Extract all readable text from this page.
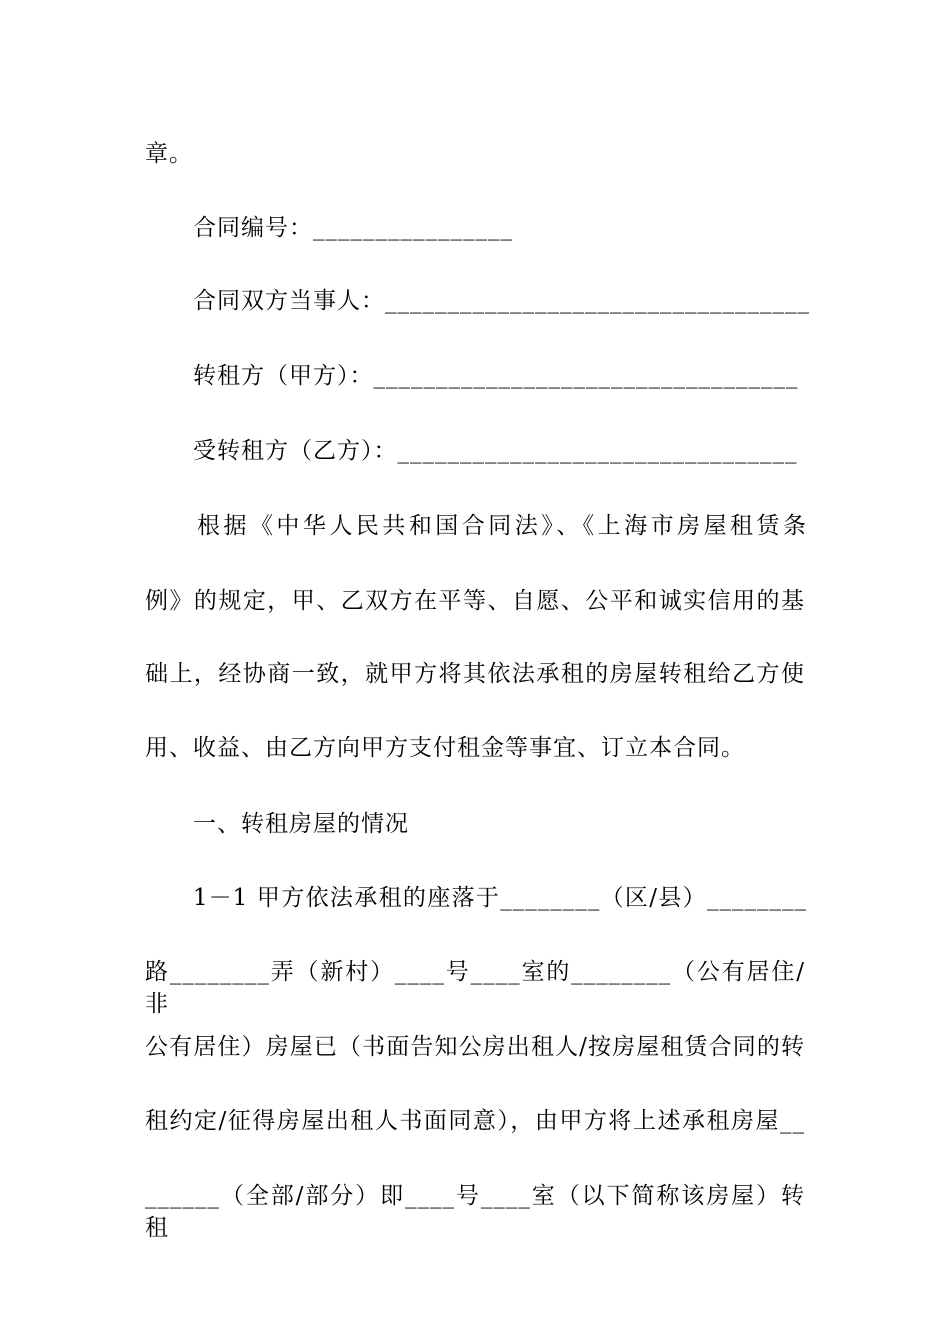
章。
合同编号：________________
合同双方当事人：__________________________________
转租方（甲方）：__________________________________
受转租方（乙方）：________________________________
根据《中华人民共和国合同法》、《上海市房屋租赁条
例》的规定，甲、乙双方在平等、自愿、公平和诚实信用的基
础上，经协商一致，就甲方将其依法承租的房屋转租给乙方使
用、收益、由乙方向甲方支付租金等事宜、订立本合同。
一、转租房屋的情况
1－1 甲方依法承租的座落于________（区/县）________
路________弄（新村）____号____室的________（公有居住/非
公有居住）房屋已（书面告知公房出租人/按房屋租赁合同的转
租约定/征得房屋出租人书面同意），由甲方将上述承租房屋__
______（全部/部分）即____号____室（以下简称该房屋）转租
